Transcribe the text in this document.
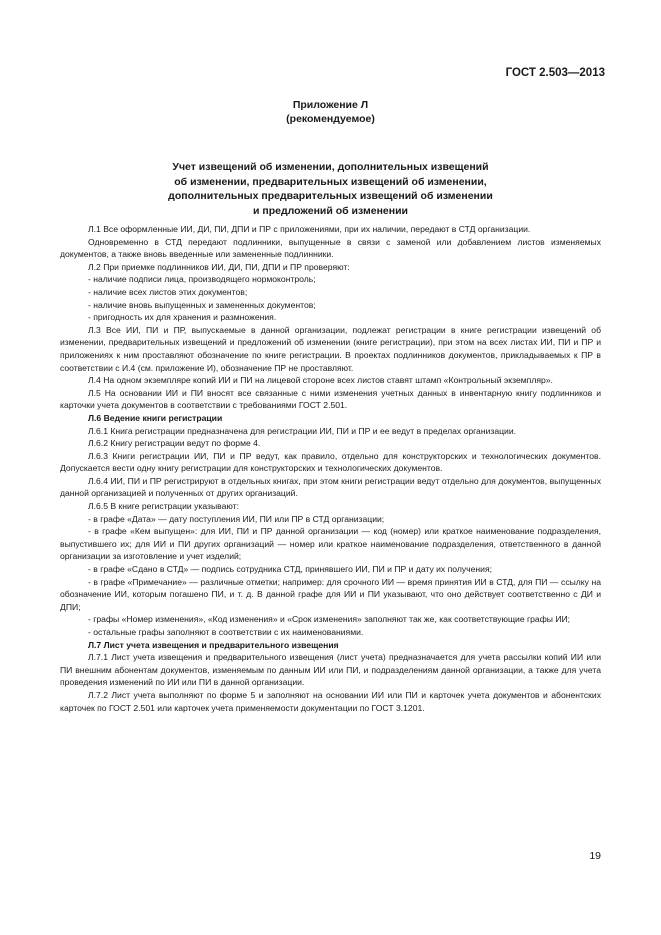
ГОСТ 2.503—2013
Приложение Л
(рекомендуемое)
Учет извещений об изменении, дополнительных извещений
об изменении, предварительных извещений об изменении,
дополнительных предварительных извещений об изменении
и предложений об изменении

Л.1 Все оформленные ИИ, ДИ, ПИ, ДПИ и ПР с приложениями, при их наличии, передают в СТД организации.

Одновременно в СТД передают подлинники, выпущенные в связи с заменой или добавлением листов изменяемых документов, а также вновь введенные или замененные подлинники.

Л.2 При приемке подлинников ИИ, ДИ, ПИ, ДПИ и ПР проверяют:

- наличие подписи лица, производящего нормоконтроль;

- наличие всех листов этих документов;

- наличие вновь выпущенных и замененных документов;

- пригодность их для хранения и размножения.

Л.3 Все ИИ, ПИ и ПР, выпускаемые в данной организации, подлежат регистрации в книге регистрации извещений об изменении, предварительных извещений и предложений об изменении (книге регистрации), при этом на всех листах ИИ, ПИ и ПР и приложениях к ним проставляют обозначение по книге регистрации. В проектах подлинников документов, прикладываемых к ПР в соответствии с И.4 (см. приложение И), обозначение ПР не проставляют.

Л.4 На одном экземпляре копий ИИ и ПИ на лицевой стороне всех листов ставят штамп «Контрольный экземпляр».

Л.5 На основании ИИ и ПИ вносят все связанные с ними изменения учетных данных в инвентарную книгу подлинников и карточки учета документов в соответствии с требованиями ГОСТ 2.501.

Л.6 Ведение книги регистрации

Л.6.1 Книга регистрации предназначена для регистрации ИИ, ПИ и ПР и ее ведут в пределах организации.

Л.6.2 Книгу регистрации ведут по форме 4.

Л.6.3 Книги регистрации ИИ, ПИ и ПР ведут, как правило, отдельно для конструкторских и технологических документов. Допускается вести одну книгу регистрации для конструкторских и технологических документов.

Л.6.4 ИИ, ПИ и ПР регистрируют в отдельных книгах, при этом книги регистрации ведут отдельно для документов, выпущенных данной организацией и полученных от других организаций.

Л.6.5 В книге регистрации указывают:

- в графе «Дата» — дату поступления ИИ, ПИ или ПР в СТД организации;

- в графе «Кем выпущен»: для ИИ, ПИ и ПР данной организации — код (номер) или краткое наименование подразделения, выпустившего их; для ИИ и ПИ других организаций — номер или краткое наименование подразделения, ответственного в данной организации за изготовление и учет изделий;

- в графе «Сдано в СТД» — подпись сотрудника СТД, принявшего ИИ, ПИ и ПР и дату их получения;

- в графе «Примечание» — различные отметки; например: для срочного ИИ — время принятия ИИ в СТД, для ПИ — ссылку на обозначение ИИ, которым погашено ПИ, и т. д. В данной графе для ИИ и ПИ указывают, что оно действует соответственно с ДИ и ДПИ;

- графы «Номер изменения», «Код изменения» и «Срок изменения» заполняют так же, как соответствующие графы ИИ;

- остальные графы заполняют в соответствии с их наименованиями.

Л.7 Лист учета извещения и предварительного извещения

Л.7.1 Лист учета извещения и предварительного извещения (лист учета) предназначается для учета рассылки копий ИИ или ПИ внешним абонентам документов, изменяемым по данным ИИ или ПИ, и подразделениям данной организации, а также для учета проведения изменений по ИИ или ПИ в данной организации.

Л.7.2 Лист учета выполняют по форме 5 и заполняют на основании ИИ или ПИ и карточек учета документов и абонентских карточек по ГОСТ 2.501 или карточек учета применяемости документации по ГОСТ 3.1201.

19
